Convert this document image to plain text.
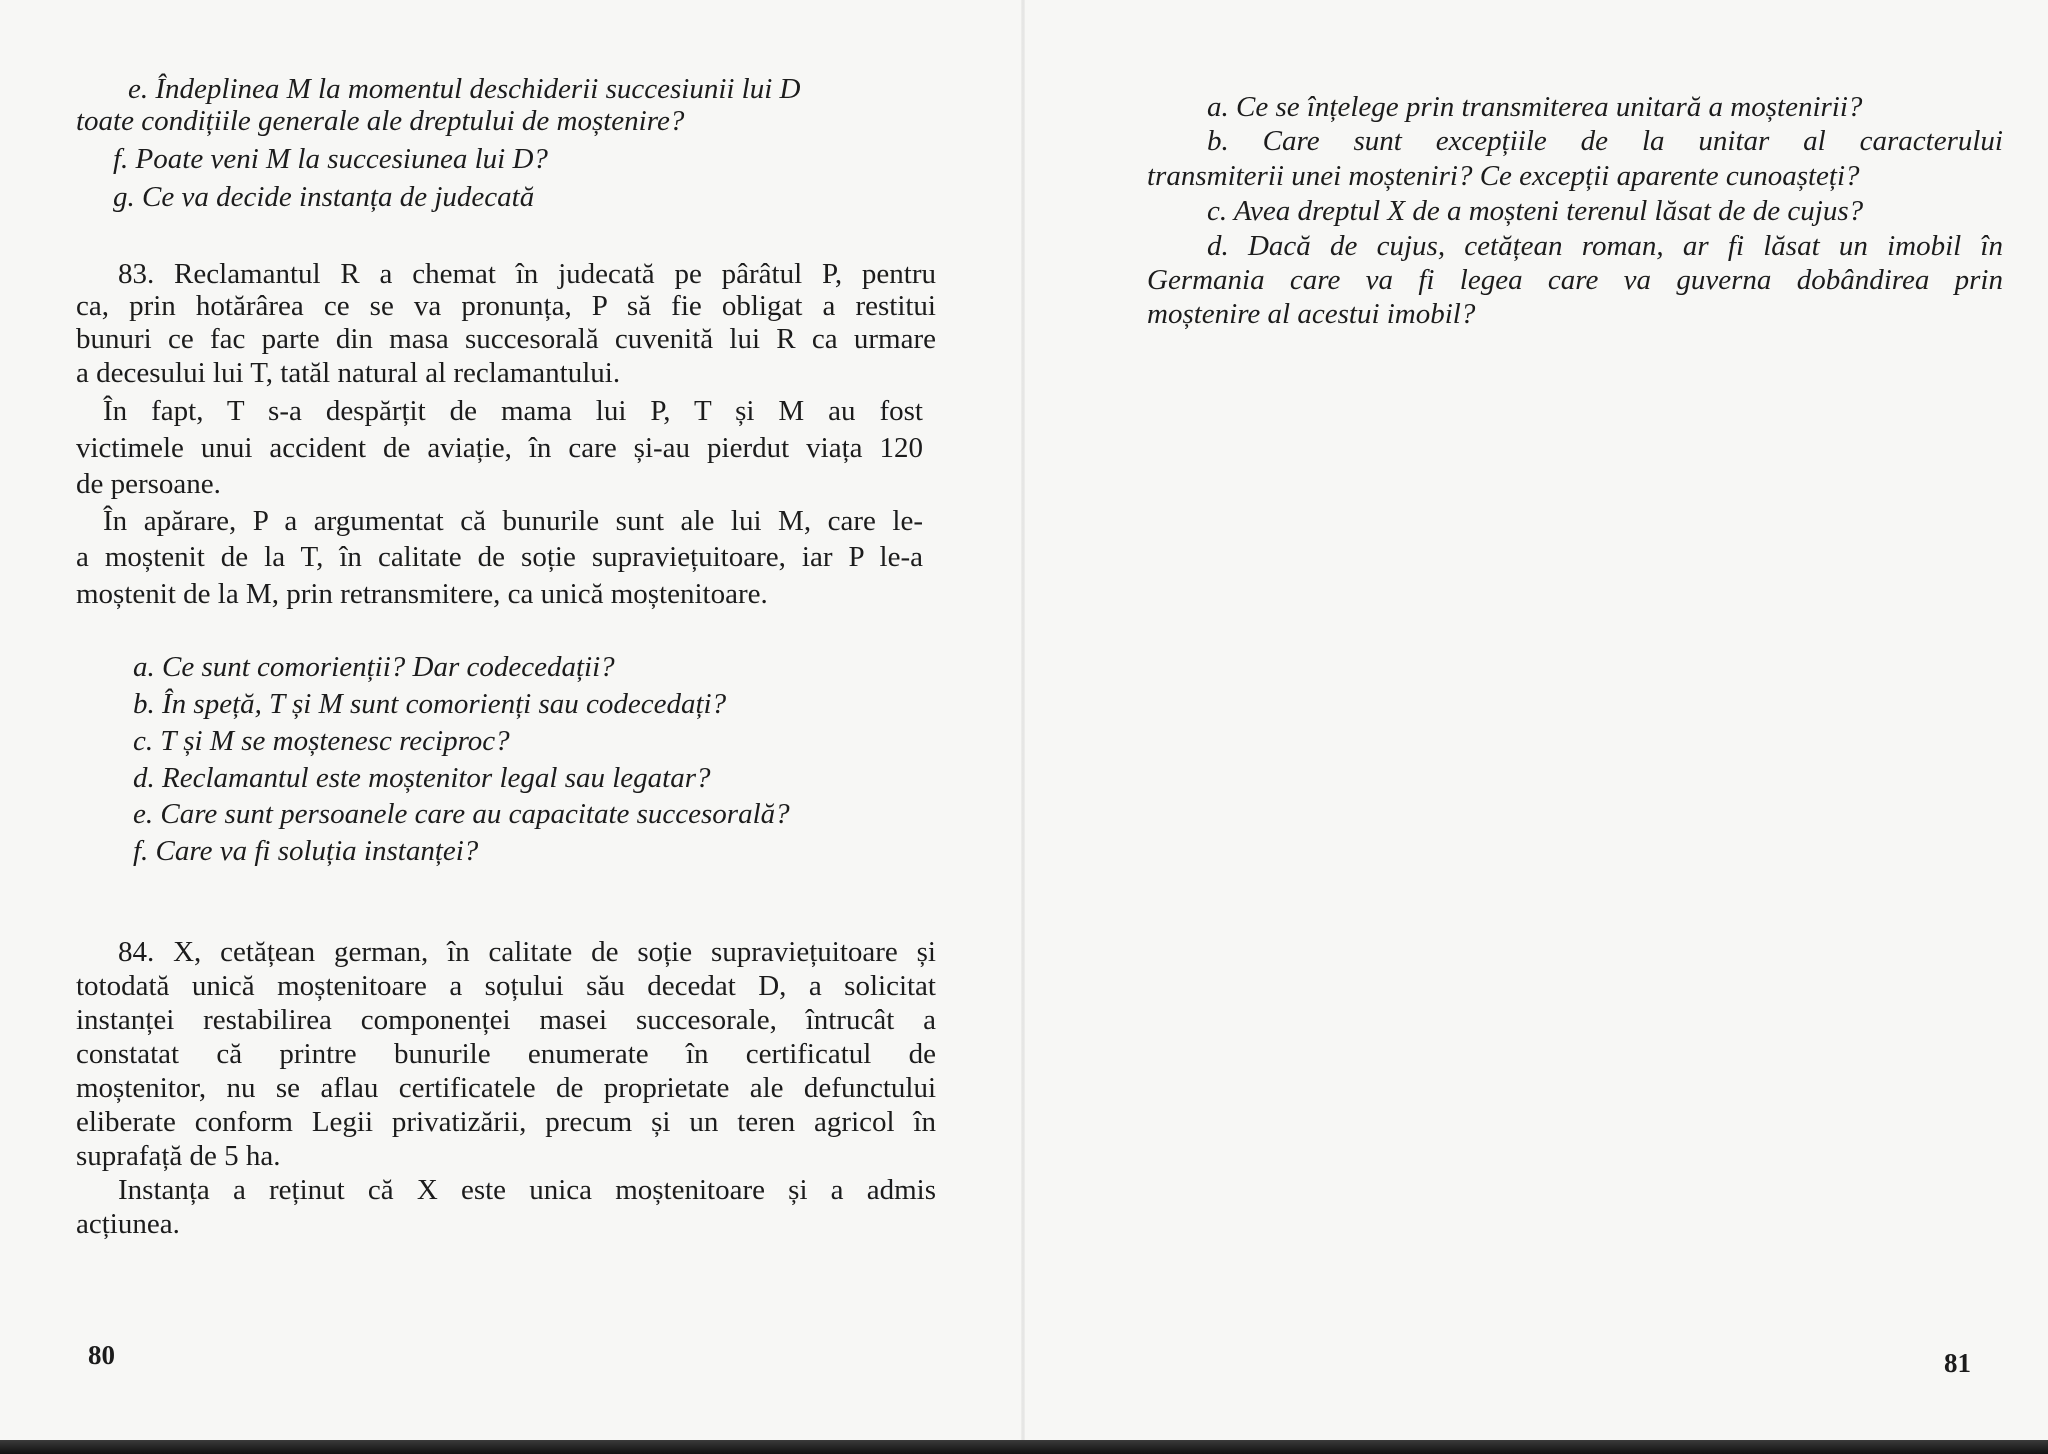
e. Îndeplinea M la momentul deschiderii succesiunii lui D
toate condițiile generale ale dreptului de moștenire?
f. Poate veni M la succesiunea lui D?
g. Ce va decide instanța de judecată
83. Reclamantul R a chemat în judecată pe pârâtul P, pentru
ca, prin hotărârea ce se va pronunța, P să fie obligat a restitui
bunuri ce fac parte din masa succesorală cuvenită lui R ca urmare
a decesului lui T, tatăl natural al reclamantului.
În fapt, T s-a despărțit de mama lui P, T și M au fost
victimele unui accident de aviație, în care și-au pierdut viața 120
de persoane.
În apărare, P a argumentat că bunurile sunt ale lui M, care le-
a moștenit de la T, în calitate de soție supraviețuitoare, iar P le-a
moștenit de la M, prin retransmitere, ca unică moștenitoare.
a. Ce sunt comorienții? Dar codecedații?
b. În speță, T și M sunt comorienți sau codecedați?
c. T și M se moștenesc reciproc?
d. Reclamantul este moștenitor legal sau legatar?
e. Care sunt persoanele care au capacitate succesorală?
f. Care va fi soluția instanței?
84. X, cetățean german, în calitate de soție supraviețuitoare și
totodată unică moștenitoare a soțului său decedat D, a solicitat
instanței restabilirea componenței masei succesorale, întrucât a
constatat că printre bunurile enumerate în certificatul de
moștenitor, nu se aflau certificatele de proprietate ale defunctului
eliberate conform Legii privatizării, precum și un teren agricol în
suprafață de 5 ha.
Instanța a reținut că X este unica moștenitoare și a admis
acțiunea.
80
a. Ce se înțelege prin transmiterea unitară a moștenirii?
b. Care sunt excepțiile de la unitar al caracterului
transmiterii unei moșteniri? Ce excepții aparente cunoașteți?
c. Avea dreptul X de a moșteni terenul lăsat de de cujus?
d. Dacă de cujus, cetățean roman, ar fi lăsat un imobil în
Germania care va fi legea care va guverna dobândirea prin
moștenire al acestui imobil?
81
